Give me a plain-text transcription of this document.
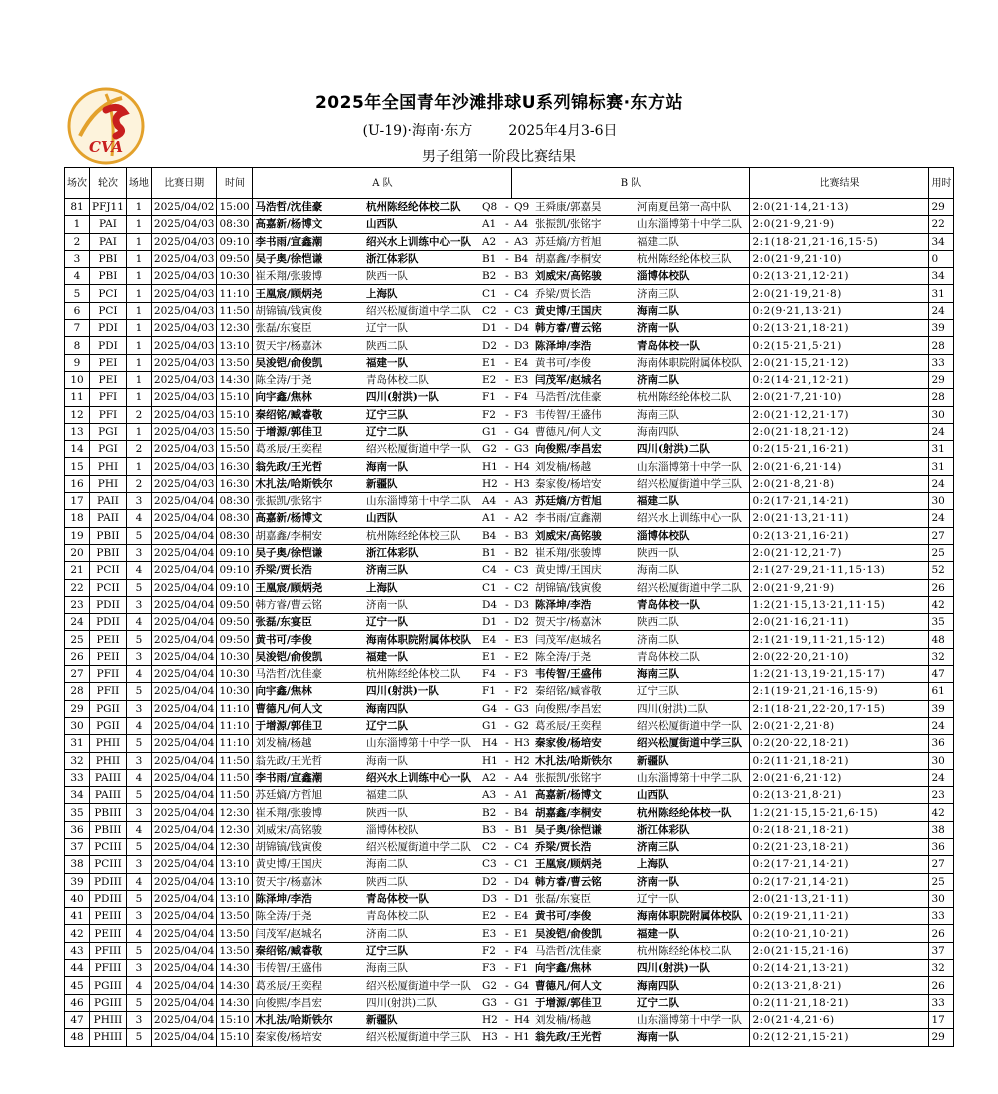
CVA
2025年全国青年沙滩排球U系列锦标赛·东方站
(U-19)·海南·东方	2025年4月3-6日
男子组第一阶段比赛结果
场次	轮次	场地	比赛日期	时间	A 队				B 队			比赛结果	用时
81	PFJ11	1	2025/04/02	15:00	马浩哲/沈佳豪	杭州陈经纶体校二队	Q8	-	Q9	王舜康/郭嘉昊	河南夏邑第一高中队	2:0(21·14,21·13)	29
1	PAI	1	2025/04/03	08:30	高嘉新/杨博文	山西队	A1	-	A4	张振凯/张铭宇	山东淄博第十中学二队	2:0(21·9,21·9)	22
2	PAI	1	2025/04/03	09:10	李书雨/宣鑫潮	绍兴水上训练中心一队	A2	-	A3	苏廷熵/方哲旭	福建二队	2:1(18·21,21·16,15·5)	34
3	PBI	1	2025/04/03	09:50	吴子奥/徐恺谦	浙江体彩队	B1	-	B4	胡嘉鑫/李桐安	杭州陈经纶体校三队	2:0(21·9,21·10)	0
4	PBI	1	2025/04/03	10:30	崔禾翔/张骏博	陕西一队	B2	-	B3	刘威宋/高铭骏	淄博体校队	0:2(13·21,12·21)	34
5	PCI	1	2025/04/03	11:10	王凰宸/顾炳尧	上海队	C1	-	C4	乔梁/贾长浩	济南三队	2:0(21·19,21·8)	31
6	PCI	1	2025/04/03	11:50	胡锦镐/钱寅俊	绍兴松厦街道中学二队	C2	-	C3	黄史博/王国庆	海南二队	0:2(9·21,13·21)	24
7	PDI	1	2025/04/03	12:30	张磊/东宴臣	辽宁一队	D1	-	D4	韩方睿/曹云铭	济南一队	0:2(13·21,18·21)	39
8	PDI	1	2025/04/03	13:10	贺天宇/杨嘉沐	陕西二队	D2	-	D3	陈泽坤/李浩	青岛体校一队	0:2(15·21,5·21)	28
9	PEI	1	2025/04/03	13:50	吴浚铠/俞俊凯	福建一队	E1	-	E4	黄书可/李俊	海南体职院附属体校队	2:0(21·15,21·12)	33
10	PEI	1	2025/04/03	14:30	陈全涛/于尧	青岛体校二队	E2	-	E3	闫茂军/赵城名	济南二队	0:2(14·21,12·21)	29
11	PFI	1	2025/04/03	15:10	向宇鑫/焦林	四川(射洪)一队	F1	-	F4	马浩哲/沈佳豪	杭州陈经纶体校二队	2:0(21·7,21·10)	28
12	PFI	2	2025/04/03	15:10	秦绍铭/臧睿敬	辽宁三队	F2	-	F3	韦传智/王盛伟	海南三队	2:0(21·12,21·17)	30
13	PGI	1	2025/04/03	15:50	于增源/郭佳卫	辽宁二队	G1	-	G4	曹德凡/何人文	海南四队	2:0(21·18,21·12)	24
14	PGI	2	2025/04/03	15:50	葛丞辰/王奕程	绍兴松厦街道中学一队	G2	-	G3	向俊熙/李昌宏	四川(射洪)二队	0:2(15·21,16·21)	31
15	PHI	1	2025/04/03	16:30	翁先政/王光哲	海南一队	H1	-	H4	刘发楠/杨越	山东淄博第十中学一队	2:0(21·6,21·14)	31
16	PHI	2	2025/04/03	16:30	木扎法/哈斯铁尔	新疆队	H2	-	H3	秦家俊/杨培安	绍兴松厦街道中学三队	2:0(21·8,21·8)	24
17	PAII	3	2025/04/04	08:30	张振凯/张铭宇	山东淄博第十中学二队	A4	-	A3	苏廷熵/方哲旭	福建二队	0:2(17·21,14·21)	30
18	PAII	4	2025/04/04	08:30	高嘉新/杨博文	山西队	A1	-	A2	李书雨/宣鑫潮	绍兴水上训练中心一队	2:0(21·13,21·11)	24
19	PBII	5	2025/04/04	08:30	胡嘉鑫/李桐安	杭州陈经纶体校三队	B4	-	B3	刘威宋/高铭骏	淄博体校队	0:2(13·21,16·21)	27
20	PBII	3	2025/04/04	09:10	吴子奥/徐恺谦	浙江体彩队	B1	-	B2	崔禾翔/张骏博	陕西一队	2:0(21·12,21·7)	25
21	PCII	4	2025/04/04	09:10	乔梁/贾长浩	济南三队	C4	-	C3	黄史博/王国庆	海南二队	2:1(27·29,21·11,15·13)	52
22	PCII	5	2025/04/04	09:10	王凰宸/顾炳尧	上海队	C1	-	C2	胡锦镐/钱寅俊	绍兴松厦街道中学二队	2:0(21·9,21·9)	26
23	PDII	3	2025/04/04	09:50	韩方睿/曹云铭	济南一队	D4	-	D3	陈泽坤/李浩	青岛体校一队	1:2(21·15,13·21,11·15)	42
24	PDII	4	2025/04/04	09:50	张磊/东宴臣	辽宁一队	D1	-	D2	贺天宇/杨嘉沐	陕西二队	2:0(21·16,21·11)	35
25	PEII	5	2025/04/04	09:50	黄书可/李俊	海南体职院附属体校队	E4	-	E3	闫茂军/赵城名	济南二队	2:1(21·19,11·21,15·12)	48
26	PEII	3	2025/04/04	10:30	吴浚铠/俞俊凯	福建一队	E1	-	E2	陈全涛/于尧	青岛体校二队	2:0(22·20,21·10)	32
27	PFII	4	2025/04/04	10:30	马浩哲/沈佳豪	杭州陈经纶体校二队	F4	-	F3	韦传智/王盛伟	海南三队	1:2(21·13,19·21,15·17)	47
28	PFII	5	2025/04/04	10:30	向宇鑫/焦林	四川(射洪)一队	F1	-	F2	秦绍铭/臧睿敬	辽宁三队	2:1(19·21,21·16,15·9)	61
29	PGII	3	2025/04/04	11:10	曹德凡/何人文	海南四队	G4	-	G3	向俊熙/李昌宏	四川(射洪)二队	2:1(18·21,22·20,17·15)	39
30	PGII	4	2025/04/04	11:10	于增源/郭佳卫	辽宁二队	G1	-	G2	葛丞辰/王奕程	绍兴松厦街道中学一队	2:0(21·2,21·8)	24
31	PHII	5	2025/04/04	11:10	刘发楠/杨越	山东淄博第十中学一队	H4	-	H3	秦家俊/杨培安	绍兴松厦街道中学三队	0:2(20·22,18·21)	36
32	PHII	3	2025/04/04	11:50	翁先政/王光哲	海南一队	H1	-	H2	木扎法/哈斯铁尔	新疆队	0:2(11·21,18·21)	30
33	PAIII	4	2025/04/04	11:50	李书雨/宣鑫潮	绍兴水上训练中心一队	A2	-	A4	张振凯/张铭宇	山东淄博第十中学二队	2:0(21·6,21·12)	24
34	PAIII	5	2025/04/04	11:50	苏廷熵/方哲旭	福建二队	A3	-	A1	高嘉新/杨博文	山西队	0:2(13·21,8·21)	23
35	PBIII	3	2025/04/04	12:30	崔禾翔/张骏博	陕西一队	B2	-	B4	胡嘉鑫/李桐安	杭州陈经纶体校一队	1:2(21·15,15·21,6·15)	42
36	PBIII	4	2025/04/04	12:30	刘威宋/高铭骏	淄博体校队	B3	-	B1	吴子奥/徐恺谦	浙江体彩队	0:2(18·21,18·21)	38
37	PCIII	5	2025/04/04	12:30	胡锦镐/钱寅俊	绍兴松厦街道中学二队	C2	-	C4	乔梁/贾长浩	济南三队	0:2(21·23,18·21)	36
38	PCIII	3	2025/04/04	13:10	黄史博/王国庆	海南二队	C3	-	C1	王凰宸/顾炳尧	上海队	0:2(17·21,14·21)	27
39	PDIII	4	2025/04/04	13:10	贺天宇/杨嘉沐	陕西二队	D2	-	D4	韩方睿/曹云铭	济南一队	0:2(17·21,14·21)	25
40	PDIII	5	2025/04/04	13:10	陈泽坤/李浩	青岛体校一队	D3	-	D1	张磊/东宴臣	辽宁一队	2:0(21·13,21·11)	30
41	PEIII	3	2025/04/04	13:50	陈全涛/于尧	青岛体校二队	E2	-	E4	黄书可/李俊	海南体职院附属体校队	0:2(19·21,11·21)	33
42	PEIII	4	2025/04/04	13:50	闫茂军/赵城名	济南二队	E3	-	E1	吴浚铠/俞俊凯	福建一队	0:2(10·21,10·21)	26
43	PFIII	5	2025/04/04	13:50	秦绍铭/臧睿敬	辽宁三队	F2	-	F4	马浩哲/沈佳豪	杭州陈经纶体校二队	2:0(21·15,21·16)	37
44	PFIII	3	2025/04/04	14:30	韦传智/王盛伟	海南三队	F3	-	F1	向宇鑫/焦林	四川(射洪)一队	0:2(14·21,13·21)	32
45	PGIII	4	2025/04/04	14:30	葛丞辰/王奕程	绍兴松厦街道中学一队	G2	-	G4	曹德凡/何人文	海南四队	0:2(13·21,8·21)	26
46	PGIII	5	2025/04/04	14:30	向俊熙/李昌宏	四川(射洪)二队	G3	-	G1	于增源/郭佳卫	辽宁二队	0:2(11·21,18·21)	33
47	PHIII	3	2025/04/04	15:10	木扎法/哈斯铁尔	新疆队	H2	-	H4	刘发楠/杨越	山东淄博第十中学一队	2:0(21·4,21·6)	17
48	PHIII	5	2025/04/04	15:10	秦家俊/杨培安	绍兴松厦街道中学三队	H3	-	H1	翁先政/王光哲	海南一队	0:2(12·21,15·21)	29
